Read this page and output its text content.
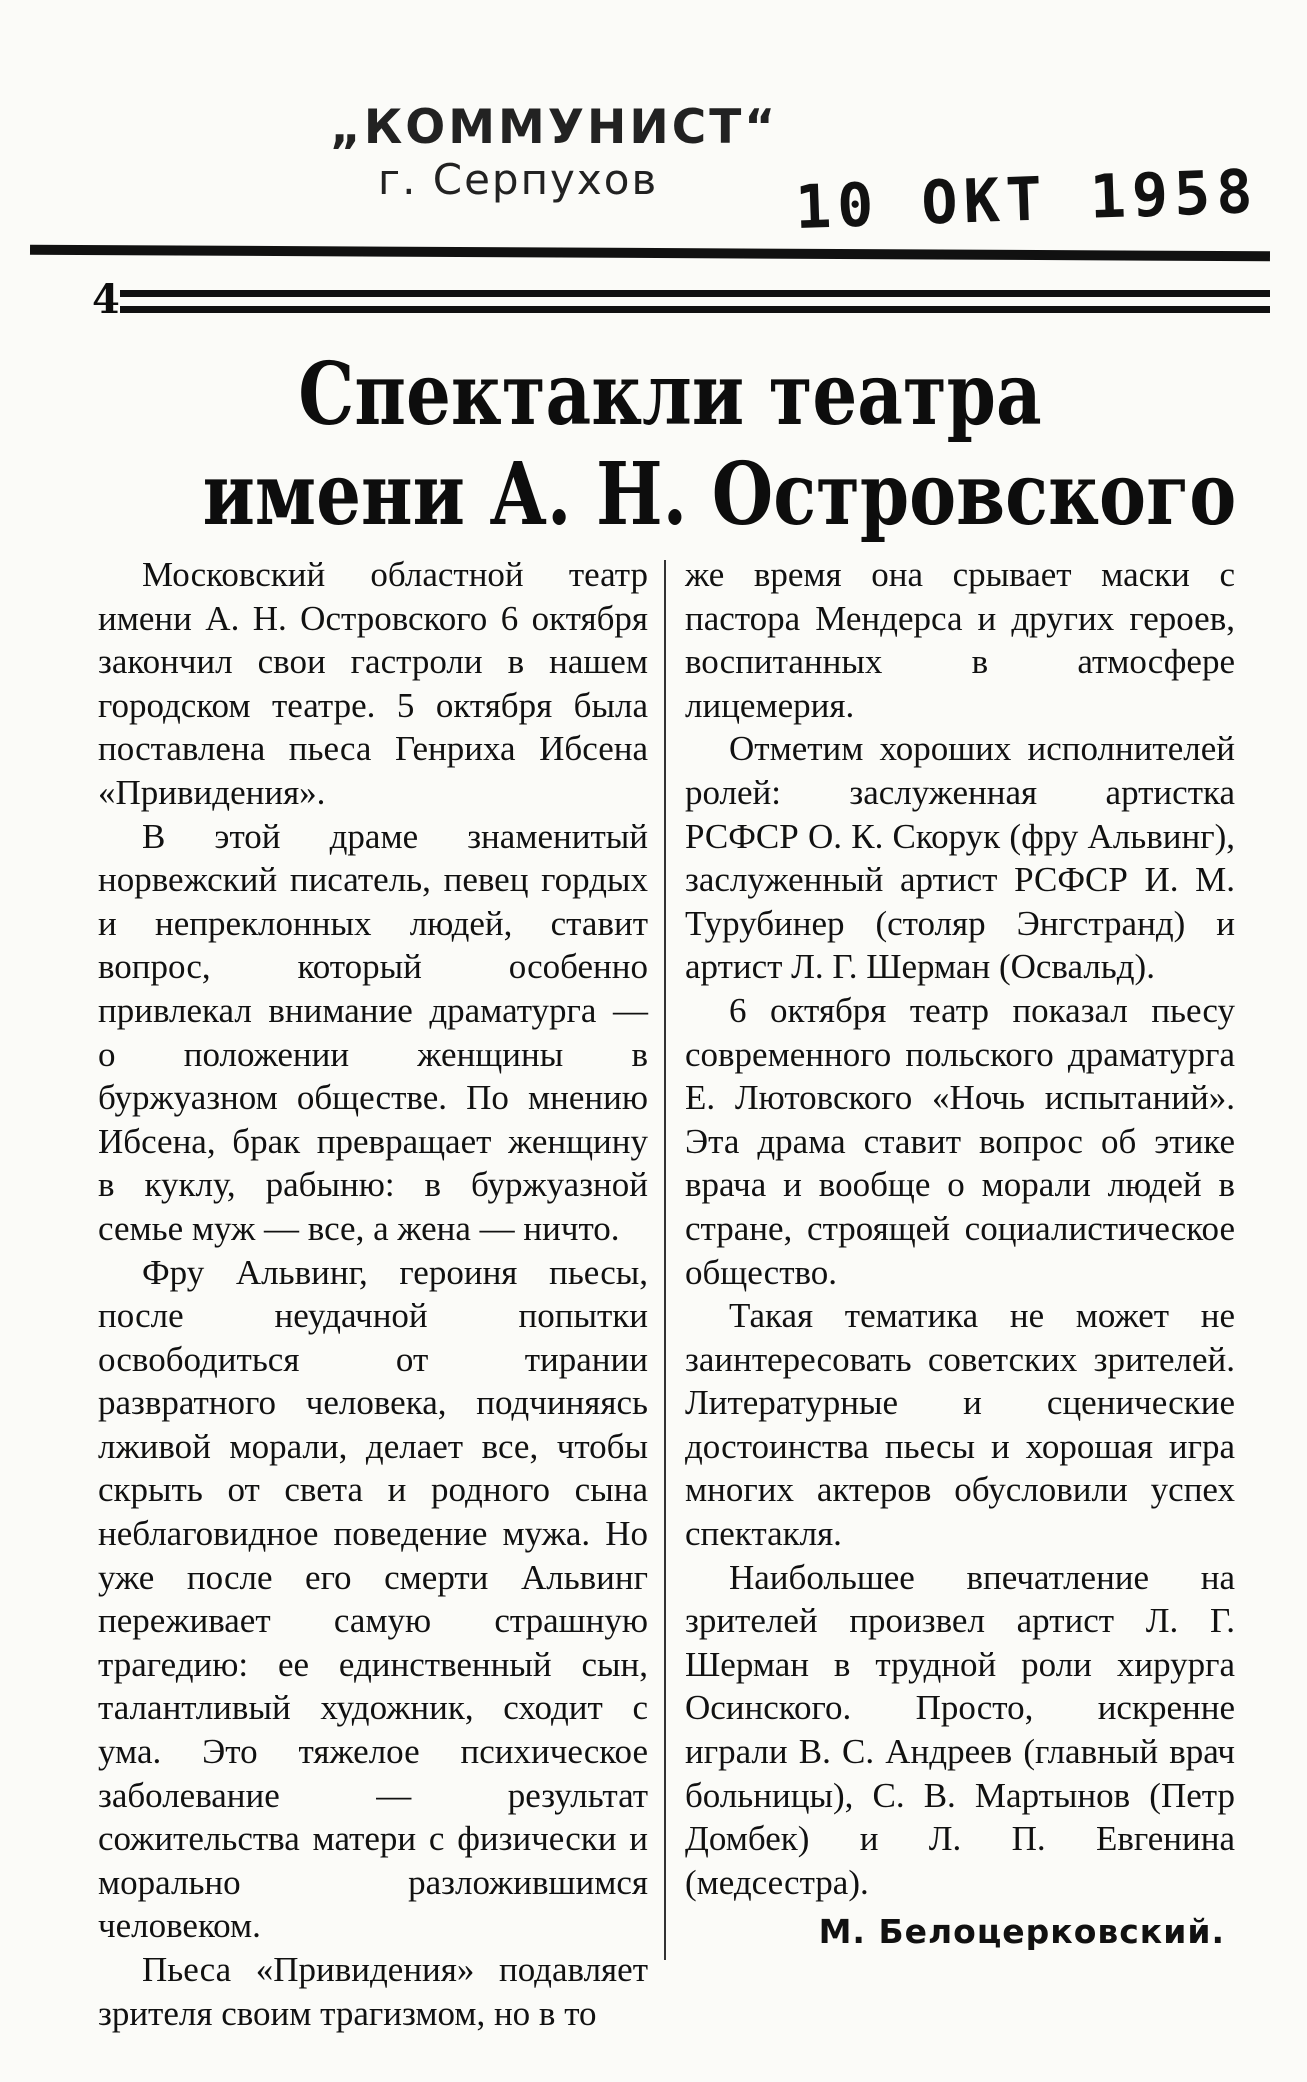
„КОММУНИСТ“
г. Серпухов	10 ОКТ 1958
4
Спектакли театра
имени А. Н. Островского

Московский областной театр имени А. Н. Островского 6 октября закончил свои гастроли в нашем городском театре. 5 октября была поставлена пьеса Генриха Ибсена «Привидения».

В этой драме знаменитый норвежский писатель, певец гордых и непреклонных людей, ставит вопрос, который особенно привлекал внимание драматурга — о положении женщины в буржуазном обществе. По мнению Ибсена, брак превращает женщину в куклу, рабыню: в буржуазной семье муж — все, а жена — ничто.

Фру Альвинг, героиня пьесы, после неудачной попытки освободиться от тирании развратного человека, подчиняясь лживой морали, делает все, чтобы скрыть от света и родного сына неблаговидное поведение мужа. Но уже после его смерти Альвинг переживает самую страшную трагедию: ее единственный сын, талантливый художник, сходит с ума. Это тяжелое психическое заболевание — результат сожительства матери с физически и морально разложившимся человеком.

Пьеса «Привидения» подавляет зрителя своим трагизмом, но в то

же время она срывает маски с пастора Мендерса и других героев, воспитанных в атмосфере лицемерия.

Отметим хороших исполнителей ролей: заслуженная артистка РСФСР О. К. Скорук (фру Альвинг), заслуженный артист РСФСР И. М. Турубинер (столяр Энгстранд) и артист Л. Г. Шерман (Освальд).

6 октября театр показал пьесу современного польского драматурга Е. Лютовского «Ночь испытаний». Эта драма ставит вопрос об этике врача и вообще о морали людей в стране, строящей социалистическое общество.

Такая тематика не может не заинтересовать советских зрителей. Литературные и сценические достоинства пьесы и хорошая игра многих актеров обусловили успех спектакля.

Наибольшее впечатление на зрителей произвел артист Л. Г. Шерман в трудной роли хирурга Осинского. Просто, искренне играли В. С. Андреев (главный врач больницы), С. В. Мартынов (Петр Домбек) и Л. П. Евгенина (медсестра).

М. Белоцерковский.
